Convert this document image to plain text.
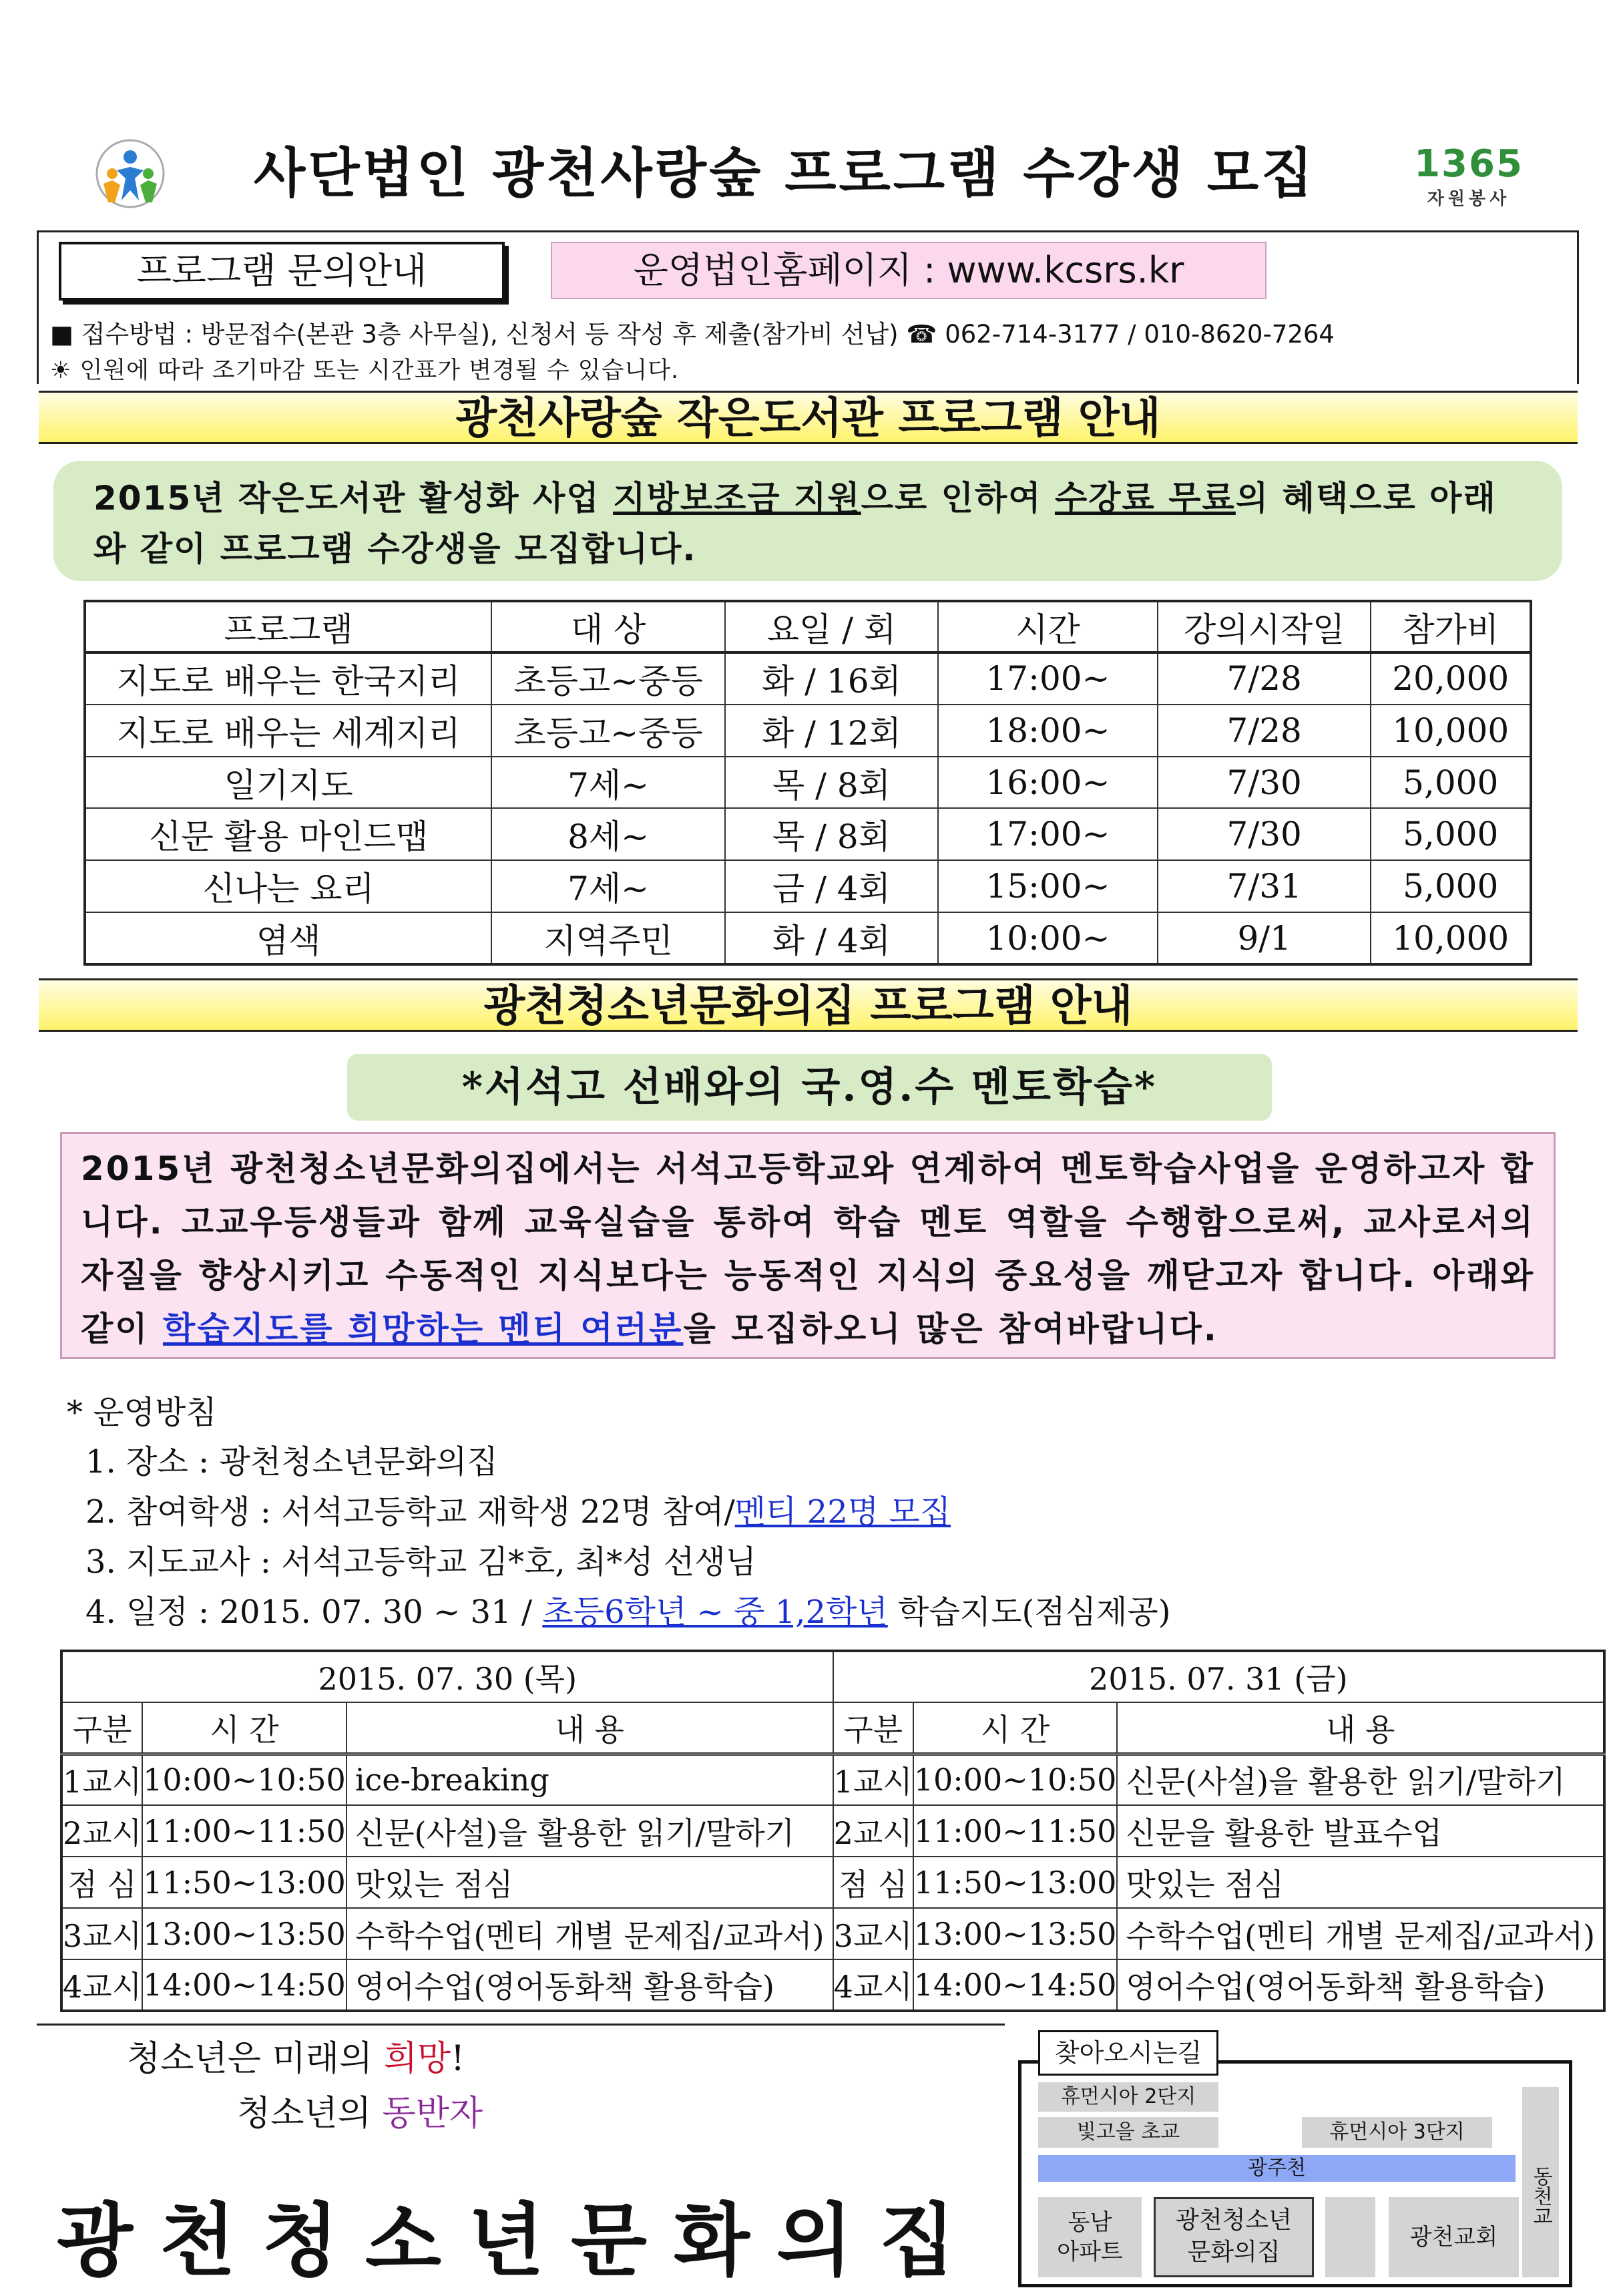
사단법인 광천사랑숲 프로그램 수강생 모집	1365
자원봉사
프로그램 문의안내	운영법인홈페이지 : www.kcsrs.kr
■ 접수방법 : 방문접수(본관 3층 사무실), 신청서 등 작성 후 제출(참가비 선납) ☎ 062-714-3177 / 010-8620-7264
☀ 인원에 따라 조기마감 또는 시간표가 변경될 수 있습니다.
광천사랑숲 작은도서관 프로그램 안내
2015년 작은도서관 활성화 사업 지방보조금 지원으로 인하여 수강료 무료의 혜택으로 아래와 같이 프로그램 수강생을 모집합니다.
프로그램	대 상	요일 / 회	시간	강의시작일	참가비
지도로 배우는 한국지리	초등고~중등	화 / 16회	17:00~	7/28	20,000
지도로 배우는 세계지리	초등고~중등	화 / 12회	18:00~	7/28	10,000
일기지도	7세~	목 / 8회	16:00~	7/30	5,000
신문 활용 마인드맵	8세~	목 / 8회	17:00~	7/30	5,000
신나는 요리	7세~	금 / 4회	15:00~	7/31	5,000
염색	지역주민	화 / 4회	10:00~	9/1	10,000
광천청소년문화의집 프로그램 안내
*서석고 선배와의 국.영.수 멘토학습*
2015년 광천청소년문화의집에서는 서석고등학교와 연계하여 멘토학습사업을 운영하고자 합니다. 고교우등생들과 함께 교육실습을 통하여 학습 멘토 역할을 수행함으로써, 교사로서의 자질을 향상시키고 수동적인 지식보다는 능동적인 지식의 중요성을 깨닫고자 합니다. 아래와 같이 학습지도를 희망하는 멘티 여러분을 모집하오니 많은 참여바랍니다.
* 운영방침
1. 장소 : 광천청소년문화의집
2. 참여학생 : 서석고등학교 재학생 22명 참여/멘티 22명 모집
3. 지도교사 : 서석고등학교 김*호, 최*성 선생님
4. 일정 : 2015. 07. 30 ~ 31 / 초등6학년 ~ 중 1,2학년 학습지도(점심제공)
2015. 07. 30 (목)			2015. 07. 31 (금)		
구분	시 간	내 용	구분	시 간	내 용
1교시	10:00~10:50	ice-breaking	1교시	10:00~10:50	신문(사설)을 활용한 읽기/말하기
2교시	11:00~11:50	신문(사설)을 활용한 읽기/말하기	2교시	11:00~11:50	신문을 활용한 발표수업
점 심	11:50~13:00	맛있는 점심	점 심	11:50~13:00	맛있는 점심
3교시	13:00~13:50	수학수업(멘티 개별 문제집/교과서)	3교시	13:00~13:50	수학수업(멘티 개별 문제집/교과서)
4교시	14:00~14:50	영어수업(영어동화책 활용학습)	4교시	14:00~14:50	영어수업(영어동화책 활용학습)
청소년은 미래의 희망!
청소년의 동반자
광천청소년문화의집
찾아오시는길
휴먼시아 2단지
빛고을 초교	휴먼시아 3단지
광주천
동남
아파트
광천청소년
문화의집
광천교회
동천교
